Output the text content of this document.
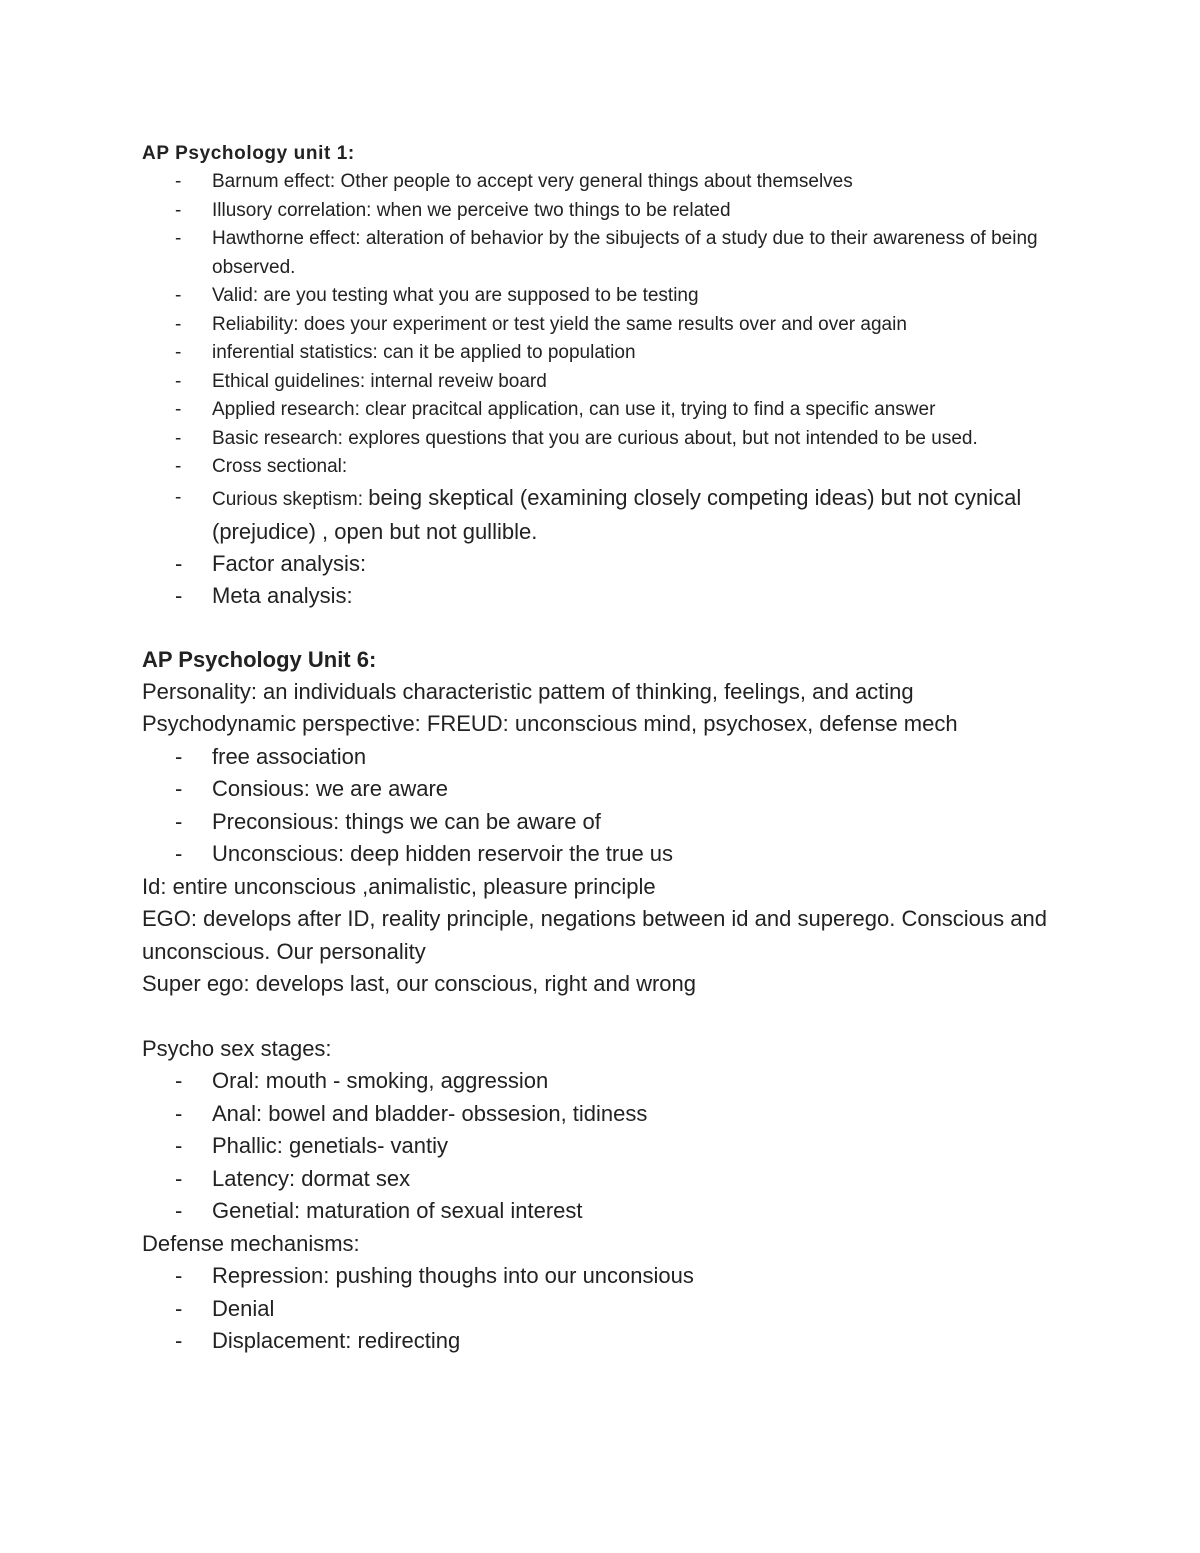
AP Psychology unit 1:

- Barnum effect: Other people to accept very general things about themselves
- Illusory correlation: when we perceive two things to be related
- Hawthorne effect: alteration of behavior by the sibujects of a study due to their awareness of being observed.
- Valid: are you testing what you are supposed to be testing
- Reliability: does your experiment or test yield the same results over and over again
- inferential statistics: can it be applied to population
- Ethical guidelines: internal reveiw board
- Applied research: clear pracitcal application, can use it, trying to find a specific answer
- Basic research: explores questions that you are curious about, but not intended to be used.
- Cross sectional:
- Curious skeptism: being skeptical (examining closely competing ideas) but not cynical (prejudice) , open but not gullible.
- Factor analysis:
- Meta analysis:

AP Psychology Unit 6:

Personality: an individuals characteristic pattem of thinking, feelings, and acting

Psychodynamic perspective: FREUD: unconscious mind, psychosex, defense mech

- free association
- Consious: we are aware
- Preconsious: things we can be aware of
- Unconscious: deep hidden reservoir the true us

Id: entire unconscious ,animalistic, pleasure principle

EGO: develops after ID, reality principle, negations between id and superego. Conscious and unconscious. Our personality

Super ego: develops last, our conscious, right and wrong

Psycho sex stages:

- Oral: mouth - smoking, aggression
- Anal: bowel and bladder- obssesion, tidiness
- Phallic: genetials- vantiy
- Latency: dormat sex
- Genetial: maturation of sexual interest

Defense mechanisms:

- Repression: pushing thoughs into our unconsious
- Denial
- Displacement: redirecting
